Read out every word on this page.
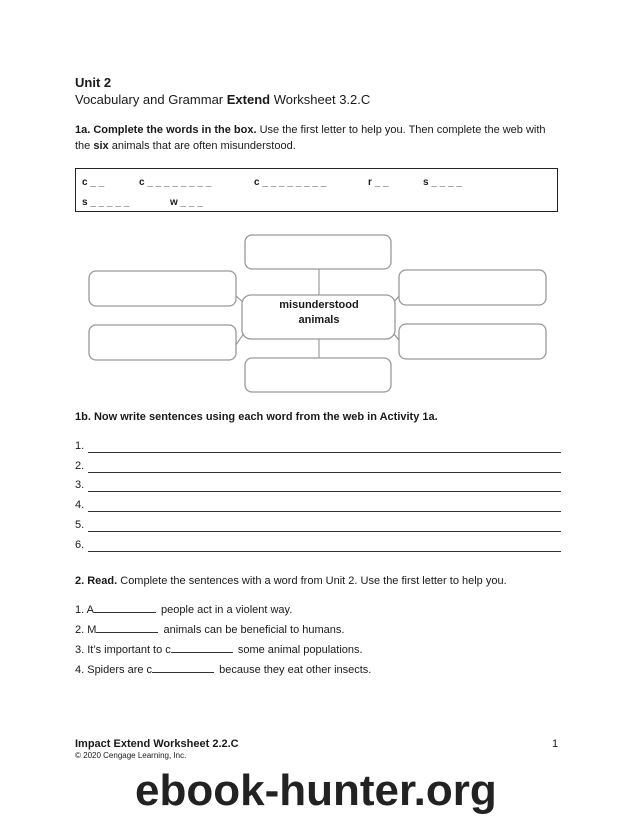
Unit 2
Vocabulary and Grammar Extend Worksheet 3.2.C
1a. Complete the words in the box. Use the first letter to help you. Then complete the web with the six animals that are often misunderstood.
c _ _	c _ _ _ _ _ _ _ _	c _ _ _ _ _ _ _ _	r _ _	s _ _ _ _
s _ _ _ _ _	w _ _ _
misunderstood
animals
1b. Now write sentences using each word from the web in Activity 1a.
1.
2.
3.
4.
5.
6.
2. Read. Complete the sentences with a word from Unit 2. Use the first letter to help you.
1. A	people act in a violent way.
2. M	animals can be beneficial to humans.
3. It’s important to c	some animal populations.
4. Spiders are c	because they eat other insects.
Impact Extend Worksheet 2.2.C
© 2020 Cengage Learning, Inc.
1
ebook-hunter.org
